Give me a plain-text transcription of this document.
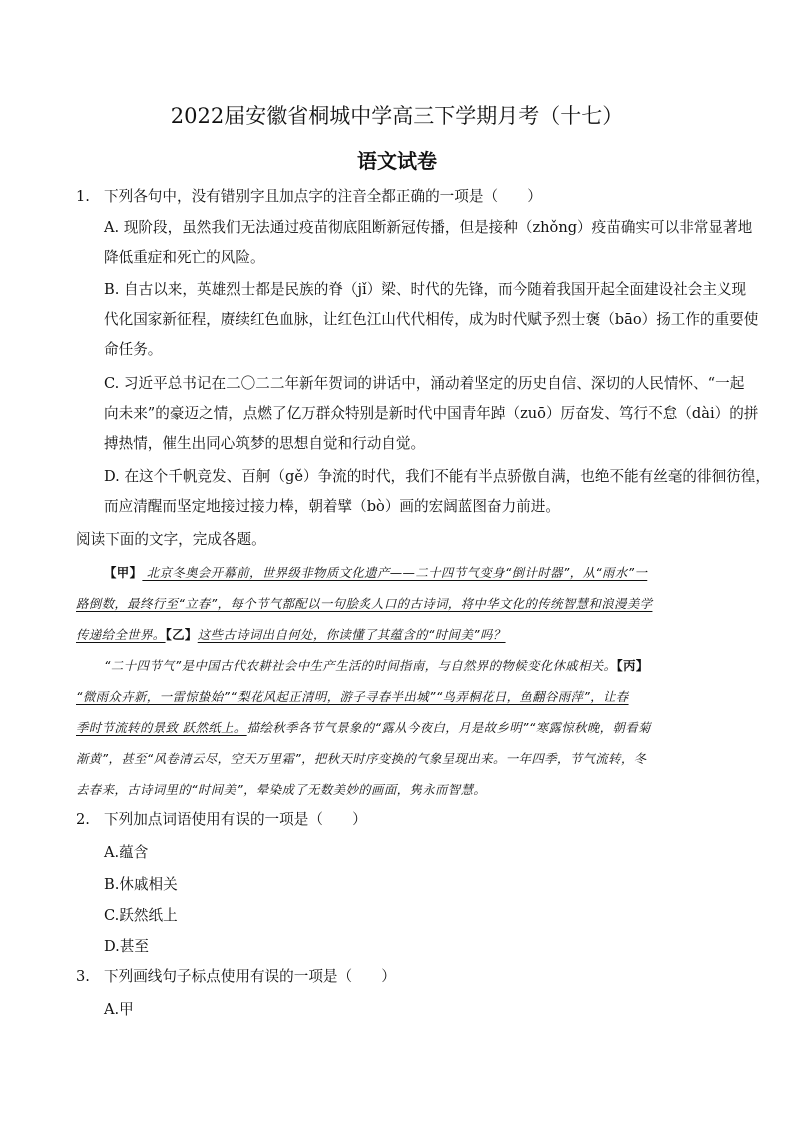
2022届安徽省桐城中学高三下学期月考（十七）
语文试卷
1. 下列各句中，没有错别字且加点字的注音全都正确的一项是（　　）
A. 现阶段，虽然我们无法通过疫苗彻底阻断新冠传播，但是接种（zhǒng）疫苗确实可以非常显著地
降低重症和死亡的风险。
B. 自古以来，英雄烈士都是民族的脊（jǐ）梁、时代的先锋，而今随着我国开起全面建设社会主义现
代化国家新征程，赓续红色血脉，让红色江山代代相传，成为时代赋予烈士褒（bāo）扬工作的重要使
命任务。
C. 习近平总书记在二〇二二年新年贺词的讲话中，涌动着坚定的历史自信、深切的人民情怀、“一起
向未来”的豪迈之情，点燃了亿万群众特别是新时代中国青年踔（zuō）厉奋发、笃行不怠（dài）的拼
搏热情，催生出同心筑梦的思想自觉和行动自觉。
D. 在这个千帆竞发、百舸（gě）争流的时代，我们不能有半点骄傲自满，也绝不能有丝毫的徘徊彷徨，
而应清醒而坚定地接过接力棒，朝着擘（bò）画的宏阔蓝图奋力前进。
阅读下面的文字，完成各题。
【甲】 北京冬奥会开幕前，世界级非物质文化遗产——二十四节气变身“倒计时器”，从“雨水”一
路倒数，最终行至“立春”，每个节气都配以一句脍炙人口的古诗词，将中华文化的传统智慧和浪漫美学
传递给全世界。【乙】这些古诗词出自何处，你读懂了其蕴含的“时间美”吗？
“二十四节气”是中国古代农耕社会中生产生活的时间指南，与自然界的物候变化休戚相关。【丙】
“微雨众卉新，一雷惊蛰始”“梨花风起正清明，游子寻春半出城”“鸟弄桐花日，鱼翻谷雨萍”，让春
季时节流转的景致 跃然纸上。描绘秋季各节气景象的“露从今夜白，月是故乡明”“寒露惊秋晚，朝看菊
渐黄”，甚至“风卷清云尽，空天万里霜”，把秋天时序变换的气象呈现出来。一年四季，节气流转，冬
去春来，古诗词里的“时间美”，晕染成了无数美妙的画面，隽永而智慧。
2. 下列加点词语使用有误的一项是（　　）
A.蕴含
B.休戚相关
C.跃然纸上
D.甚至
3. 下列画线句子标点使用有误的一项是（　　）
A.甲
